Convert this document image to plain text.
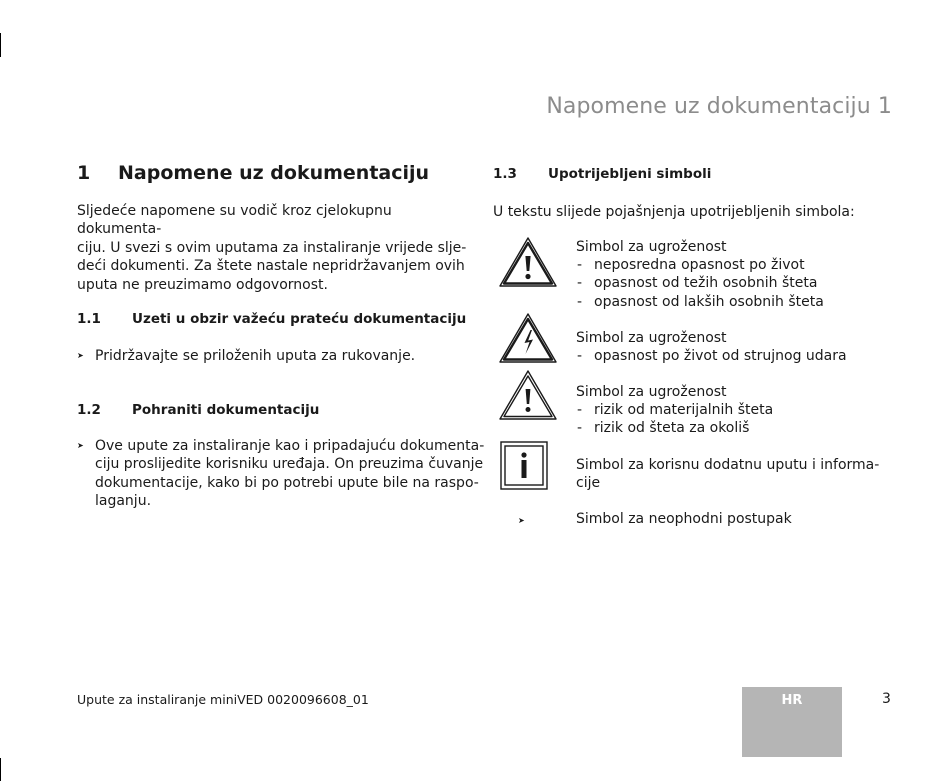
Napomene uz dokumentaciju 1
1 Napomene uz dokumentaciju

Sljedeće napomene su vodič kroz cjelokupnu dokumenta-

ciju. U svezi s ovim uputama za instaliranje vrijede slje-

deći dokumenti. Za štete nastale nepridržavanjem ovih

uputa ne preuzimamo odgovornost.

1.1 Uzeti u obzir važeću prateću dokumentaciju
➤ Pridržavajte se priloženih uputa za rukovanje.
1.2 Pohraniti dokumentaciju
➤ Ove upute za instaliranje kao i pripadajuću dokumenta-
ciju proslijedite korisniku uređaja. On preuzima čuvanje
dokumentacije, kako bi po potrebi upute bile na raspo-
laganju.
1.3 Upotrijebljeni simboli

U tekstu slijede pojašnjenja upotrijebljenih simbola:

Simbol za ugroženost
- neposredna opasnost po život
- opasnost od težih osobnih šteta
- opasnost od lakših osobnih šteta
Simbol za ugroženost
- opasnost po život od strujnog udara
Simbol za ugroženost
- rizik od materijalnih šteta
- rizik od šteta za okoliš
Simbol za korisnu dodatnu uputu i informa-
cije
➤	Simbol za neophodni postupak
Upute za instaliranje miniVED 0020096608_01	HR	3
